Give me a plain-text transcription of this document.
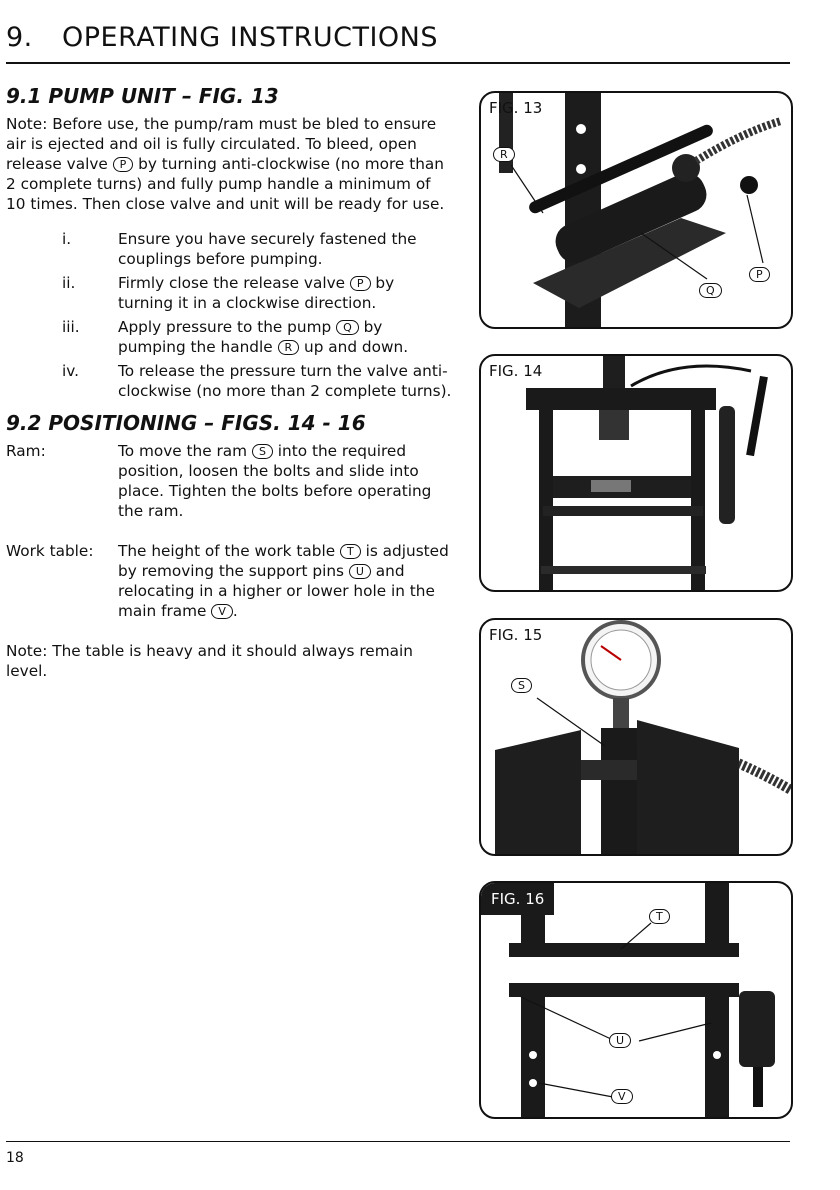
9. OPERATING INSTRUCTIONS
9.1 PUMP UNIT – FIG. 13

Note: Before use, the pump/ram must be bled to ensure air is ejected and oil is fully circulated. To bleed, open release valve P by turning anti-clockwise (no more than 2 complete turns) and fully pump handle a minimum of 10 times. Then close valve and unit will be ready for use.

i.	Ensure you have securely fastened the couplings before pumping.
ii.	Firmly close the release valve P by turning it in a clockwise direction.
iii.	Apply pressure to the pump Q by pumping the handle R up and down.
iv.	To release the pressure turn the valve anti-clockwise (no more than 2 complete turns).
9.2 POSITIONING – FIGS. 14 - 16
Ram:	To move the ram S into the required position, loosen the bolts and slide into place. Tighten the bolts before operating the ram.
Work table:	The height of the work table T is adjusted by removing the support pins U and relocating in a higher or lower hole in the main frame V .

Note: The table is heavy and it should always remain level.

FIG. 13
R
Q
P
FIG. 14
FIG. 15
S
FIG. 16
T
U
V
18
